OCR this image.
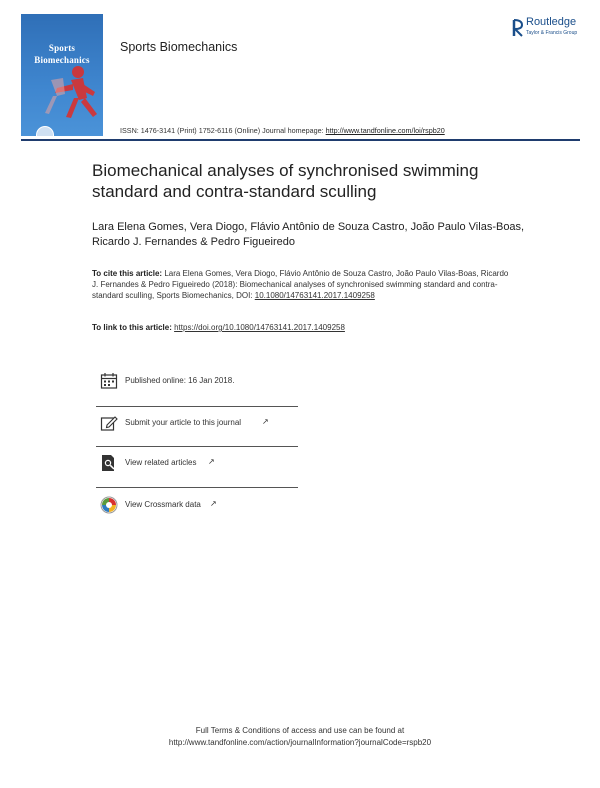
Sports
Biomechanics
Sports Biomechanics
Routledge
Taylor & Francis Group
ISSN: 1476-3141 (Print) 1752-6116 (Online) Journal homepage: http://www.tandfonline.com/loi/rspb20
Biomechanical analyses of synchronised swimming standard and contra-standard sculling
Lara Elena Gomes, Vera Diogo, Flávio Antônio de Souza Castro, João Paulo Vilas-Boas, Ricardo J. Fernandes & Pedro Figueiredo
To cite this article: Lara Elena Gomes, Vera Diogo, Flávio Antônio de Souza Castro, João Paulo Vilas-Boas, Ricardo J. Fernandes & Pedro Figueiredo (2018): Biomechanical analyses of synchronised swimming standard and contra-standard sculling, Sports Biomechanics, DOI: 10.1080/14763141.2017.1409258
To link to this article: https://doi.org/10.1080/14763141.2017.1409258
Published online: 16 Jan 2018.
Submit your article to this journal	↗
View related articles ↗
View Crossmark data ↗
Full Terms & Conditions of access and use can be found at
http://www.tandfonline.com/action/journalInformation?journalCode=rspb20
